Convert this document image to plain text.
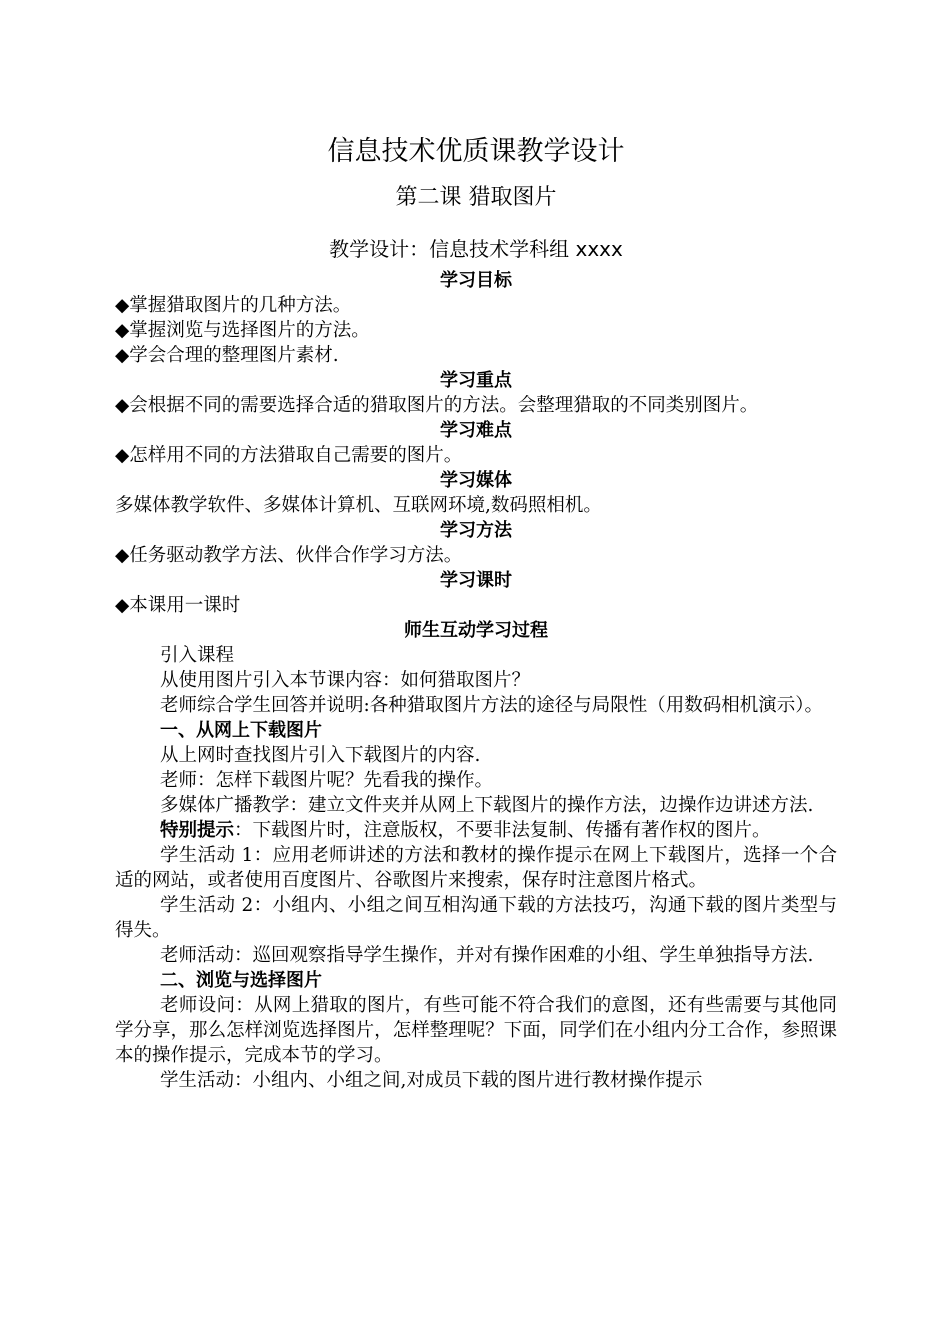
信息技术优质课教学设计
第二课 猎取图片
教学设计：信息技术学科组 xxxx
学习目标

◆掌握猎取图片的几种方法。

◆掌握浏览与选择图片的方法。

◆学会合理的整理图片素材.

学习重点

◆会根据不同的需要选择合适的猎取图片的方法。会整理猎取的不同类别图片。

学习难点

◆怎样用不同的方法猎取自己需要的图片。

学习媒体

多媒体教学软件、多媒体计算机、互联网环境,数码照相机。

学习方法

◆任务驱动教学方法、伙伴合作学习方法。

学习课时

◆本课用一课时

师生互动学习过程

引入课程

从使用图片引入本节课内容：如何猎取图片？

老师综合学生回答并说明:各种猎取图片方法的途径与局限性（用数码相机演示）。

一、从网上下载图片

从上网时查找图片引入下载图片的内容.

老师：怎样下载图片呢？先看我的操作。

多媒体广播教学：建立文件夹并从网上下载图片的操作方法，边操作边讲述方法.

特别提示：下载图片时，注意版权，不要非法复制、传播有著作权的图片。

学生活动 1：应用老师讲述的方法和教材的操作提示在网上下载图片，选择一个合适的网站，或者使用百度图片、谷歌图片来搜索，保存时注意图片格式。

学生活动 2：小组内、小组之间互相沟通下载的方法技巧，沟通下载的图片类型与得失。

老师活动：巡回观察指导学生操作，并对有操作困难的小组、学生单独指导方法.

二、浏览与选择图片

老师设问：从网上猎取的图片，有些可能不符合我们的意图，还有些需要与其他同学分享，那么怎样浏览选择图片，怎样整理呢？下面，同学们在小组内分工合作，参照课本的操作提示，完成本节的学习。

学生活动：小组内、小组之间,对成员下载的图片进行教材操作提示
